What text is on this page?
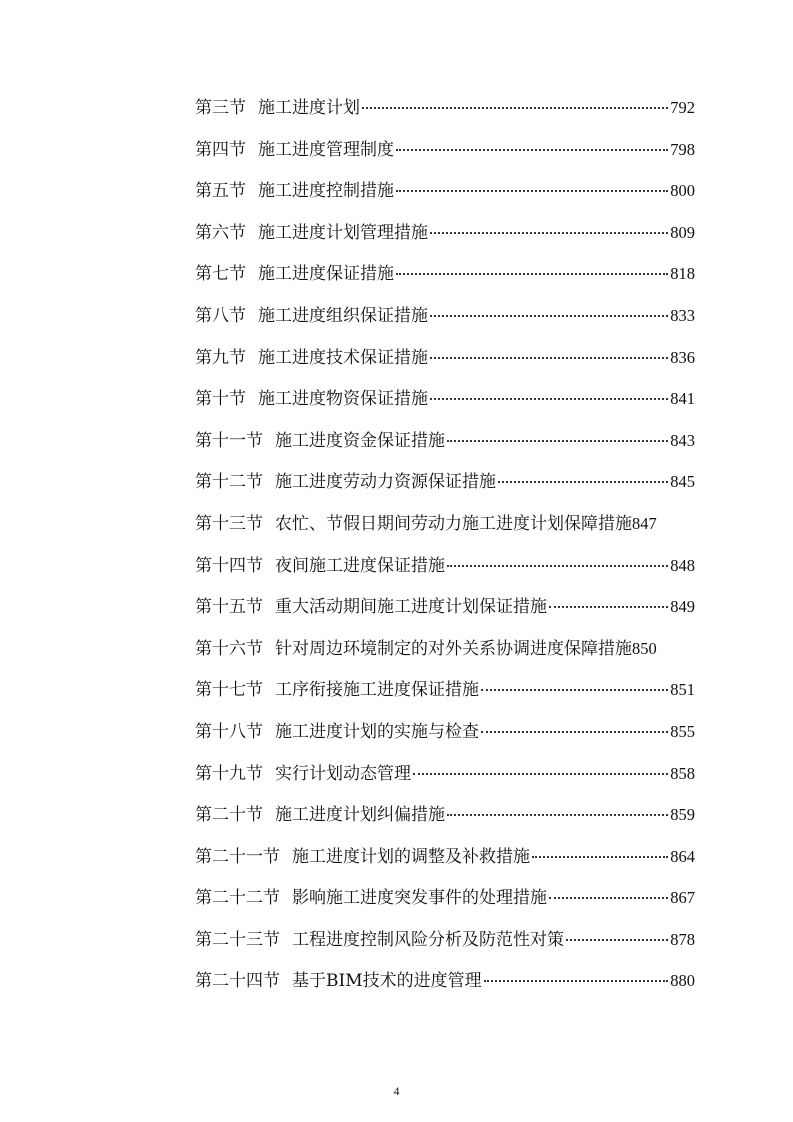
第三节 施工进度计划	792
第四节 施工进度管理制度	798
第五节 施工进度控制措施	800
第六节 施工进度计划管理措施	809
第七节 施工进度保证措施	818
第八节 施工进度组织保证措施	833
第九节 施工进度技术保证措施	836
第十节 施工进度物资保证措施	841
第十一节 施工进度资金保证措施	843
第十二节 施工进度劳动力资源保证措施	845
第十三节 农忙、节假日期间劳动力施工进度计划保障措施 847
第十四节 夜间施工进度保证措施	848
第十五节 重大活动期间施工进度计划保证措施	849
第十六节 针对周边环境制定的对外关系协调进度保障措施 850
第十七节 工序衔接施工进度保证措施	851
第十八节 施工进度计划的实施与检查	855
第十九节 实行计划动态管理	858
第二十节 施工进度计划纠偏措施	859
第二十一节 施工进度计划的调整及补救措施	864
第二十二节 影响施工进度突发事件的处理措施	867
第二十三节 工程进度控制风险分析及防范性对策	878
第二十四节 基于BIM技术的进度管理	880
4
